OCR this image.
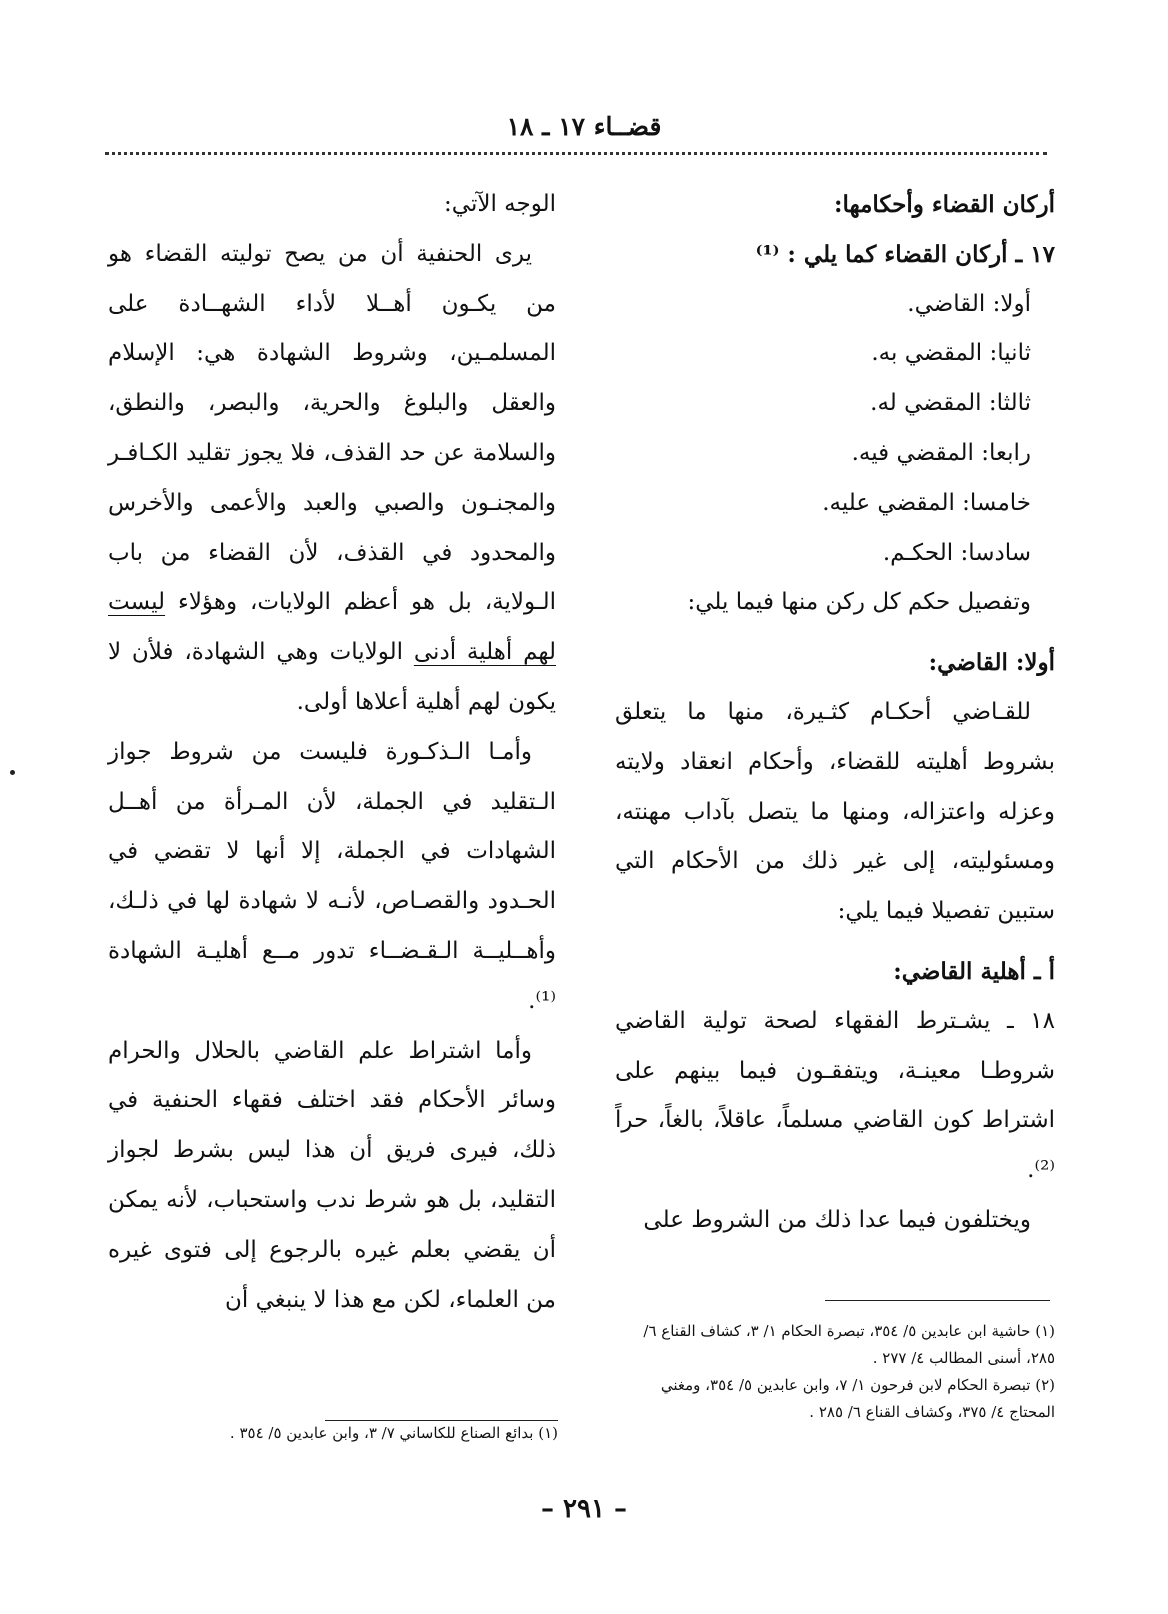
قضــاء ١٧ ـ ١٨

أركان القضاء وأحكامها:

١٧ ـ أركان القضاء كما يلي : ⁽¹⁾

أولا: القاضي.

ثانيا: المقضي به.

ثالثا: المقضي له.

رابعا: المقضي فيه.

خامسا: المقضي عليه.

سادسا: الحكـم.

وتفصيل حكم كل ركن منها فيما يلي:

أولا: القاضي:

للقـاضي أحكـام كثـيرة، منها ما يتعلق بشروط أهليته للقضاء، وأحكام انعقاد ولايته وعزله واعتزاله، ومنها ما يتصل بآداب مهنته، ومسئوليته، إلى غير ذلك من الأحكام التي ستبين تفصيلا فيما يلي:

أ ـ أهلية القاضي:

١٨ ـ يشـترط الفقهاء لصحة تولية القاضي شروطـا معينـة، ويتفقـون فيما بينهم على اشتراط كون القاضي مسلماً، عاقلاً، بالغاً، حراً ⁽²⁾.

ويختلفون فيما عدا ذلك من الشروط على

الوجه الآتي:

يرى الحنفية أن من يصح توليته القضاء هو من يكـون أهــلا لأداء الشهــادة على المسلمـين، وشروط الشهادة هي: الإسلام والعقل والبلوغ والحرية، والبصر، والنطق، والسلامة عن حد القذف، فلا يجوز تقليد الكـافـر والمجنـون والصبي والعبد والأعمى والأخرس والمحدود في القذف، لأن القضاء من باب الـولاية، بل هو أعظم الولايات، وهؤلاء ليست لهم أهلية أدنى الولايات وهي الشهادة، فلأن لا يكون لهم أهلية أعلاها أولى.

وأمـا الـذكـورة فليست من شروط جواز الـتقليد في الجملة، لأن المـرأة من أهــل الشهادات في الجملة، إلا أنها لا تقضي في الحـدود والقصـاص، لأنـه لا شهادة لها في ذلـك، وأهــليــة الـقـضــاء تدور مــع أهليـة الشهادة ⁽¹⁾.

وأما اشتراط علم القاضي بالحلال والحرام وسائر الأحكام فقد اختلف فقهاء الحنفية في ذلك، فيرى فريق أن هذا ليس بشرط لجواز التقليد، بل هو شرط ندب واستحباب، لأنه يمكن أن يقضي بعلم غيره بالرجوع إلى فتوى غيره من العلماء، لكن مع هذا لا ينبغي أن

(١) حاشية ابن عابدين ٥/ ٣٥٤، تبصرة الحكام ١/ ٣، كشاف القناع ٦/ ٢٨٥، أسنى المطالب ٤/ ٢٧٧ .

(٢) تبصرة الحكام لابن فرحون ١/ ٧، وابن عابدين ٥/ ٣٥٤، ومغني المحتاج ٤/ ٣٧٥، وكشاف القناع ٦/ ٢٨٥ .

(١) بدائع الصناع للكاساني ٧/ ٣، وابن عابدين ٥/ ٣٥٤ .

– ٢٩١ –
